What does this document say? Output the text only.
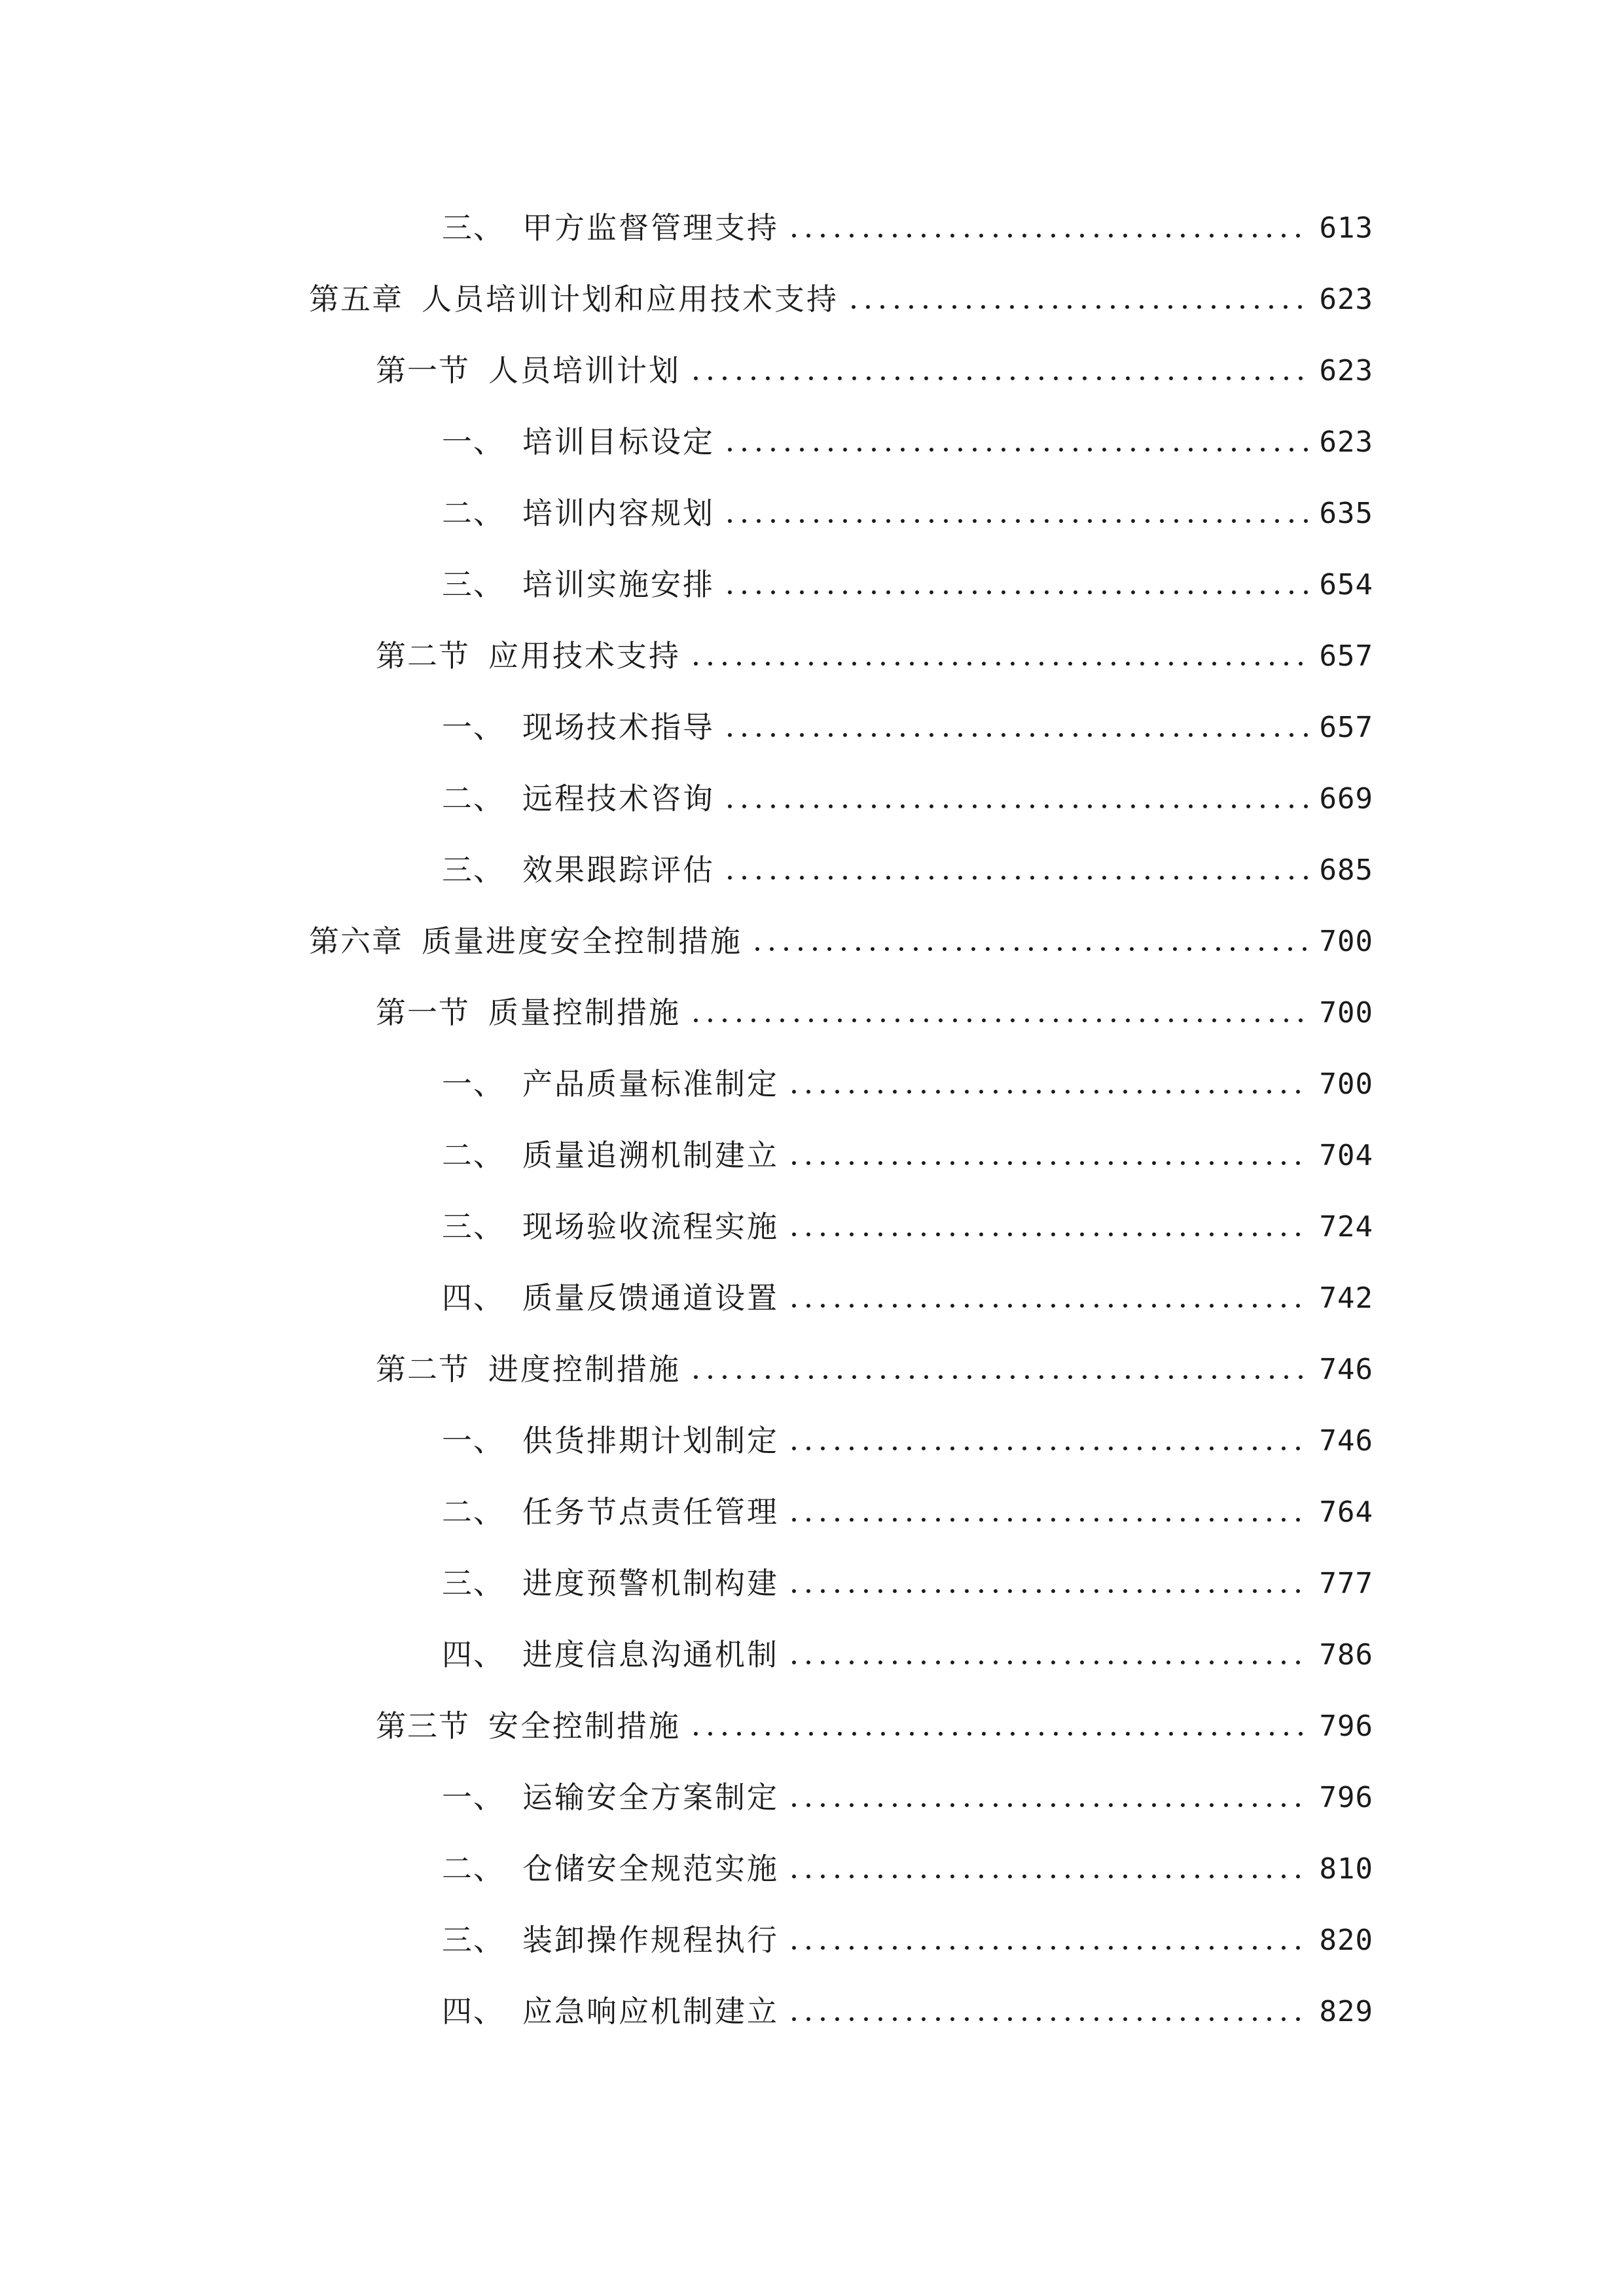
三、 甲方监督管理支持	613
第五章 人员培训计划和应用技术支持	623
第一节 人员培训计划	623
一、 培训目标设定	623
二、 培训内容规划	635
三、 培训实施安排	654
第二节 应用技术支持	657
一、 现场技术指导	657
二、 远程技术咨询	669
三、 效果跟踪评估	685
第六章 质量进度安全控制措施	700
第一节 质量控制措施	700
一、 产品质量标准制定	700
二、 质量追溯机制建立	704
三、 现场验收流程实施	724
四、 质量反馈通道设置	742
第二节 进度控制措施	746
一、 供货排期计划制定	746
二、 任务节点责任管理	764
三、 进度预警机制构建	777
四、 进度信息沟通机制	786
第三节 安全控制措施	796
一、 运输安全方案制定	796
二、 仓储安全规范实施	810
三、 装卸操作规程执行	820
四、 应急响应机制建立	829
